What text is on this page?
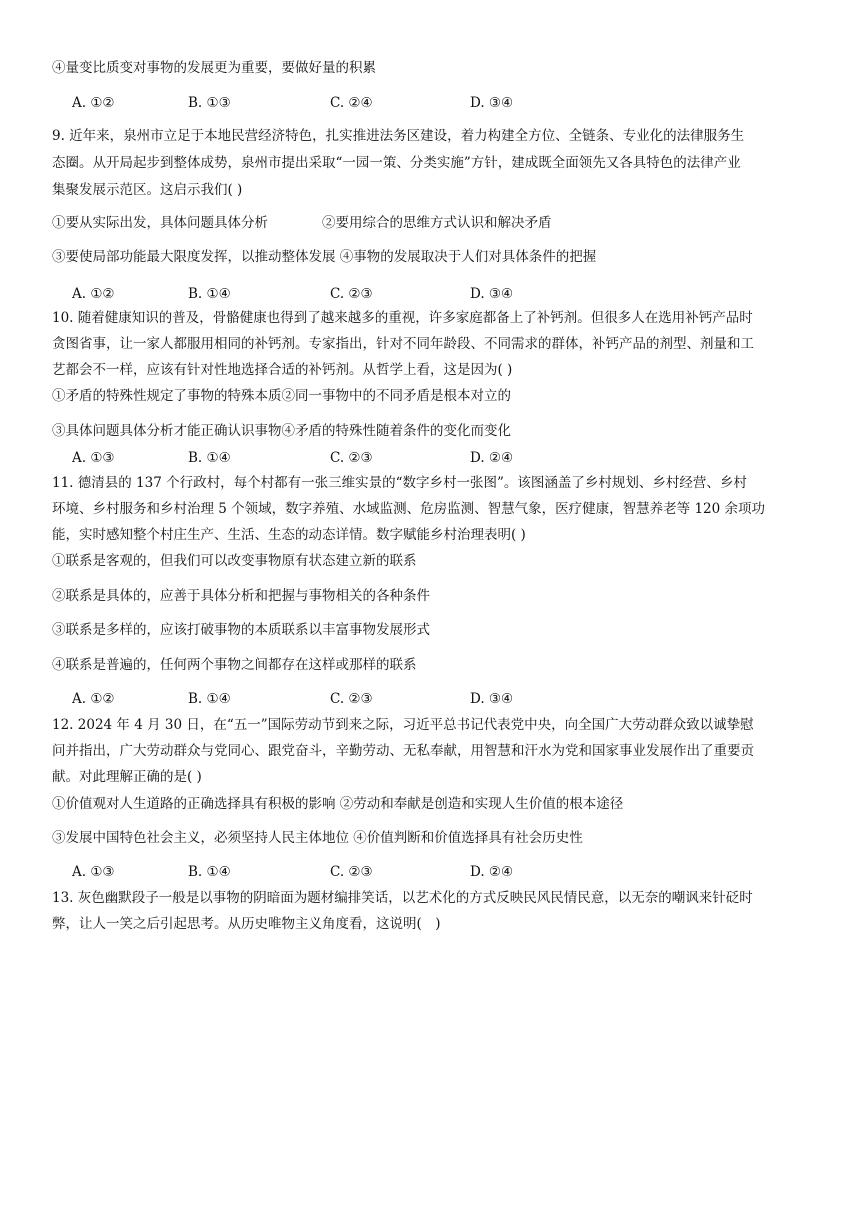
④量变比质变对事物的发展更为重要，要做好量的积累
A. ①②	B. ①③	C. ②④	D. ③④
9. 近年来，泉州市立足于本地民营经济特色，扎实推进法务区建设，着力构建全方位、全链条、专业化的法律服务生
态圈。从开局起步到整体成势，泉州市提出采取“一园一策、分类实施”方针，建成既全面领先又各具特色的法律产业
集聚发展示范区。这启示我们( )
①要从实际出发，具体问题具体分析　　　　②要用综合的思维方式认识和解决矛盾
③要使局部功能最大限度发挥，以推动整体发展 ④事物的发展取决于人们对具体条件的把握
A. ①②	B. ①④	C. ②③	D. ③④
10. 随着健康知识的普及，骨骼健康也得到了越来越多的重视，许多家庭都备上了补钙剂。但很多人在选用补钙产品时
贪图省事，让一家人都服用相同的补钙剂。专家指出，针对不同年龄段、不同需求的群体，补钙产品的剂型、剂量和工
艺都会不一样，应该有针对性地选择合适的补钙剂。从哲学上看，这是因为( )
①矛盾的特殊性规定了事物的特殊本质②同一事物中的不同矛盾是根本对立的
③具体问题具体分析才能正确认识事物④矛盾的特殊性随着条件的变化而变化
A. ①③	B. ①④	C. ②③	D. ②④
11. 德清县的 137 个行政村，每个村都有一张三维实景的“数字乡村一张图”。该图涵盖了乡村规划、乡村经营、乡村
环境、乡村服务和乡村治理 5 个领域，数字养殖、水域监测、危房监测、智慧气象，医疗健康，智慧养老等 120 余项功
能，实时感知整个村庄生产、生活、生态的动态详情。数字赋能乡村治理表明( )
①联系是客观的，但我们可以改变事物原有状态建立新的联系
②联系是具体的，应善于具体分析和把握与事物相关的各种条件
③联系是多样的，应该打破事物的本质联系以丰富事物发展形式
④联系是普遍的，任何两个事物之间都存在这样或那样的联系
A. ①②	B. ①④	C. ②③	D. ③④
12. 2024 年 4 月 30 日，在“五一”国际劳动节到来之际，习近平总书记代表党中央，向全国广大劳动群众致以诚挚慰
问并指出，广大劳动群众与党同心、跟党奋斗，辛勤劳动、无私奉献，用智慧和汗水为党和国家事业发展作出了重要贡
献。对此理解正确的是( )
①价值观对人生道路的正确选择具有积极的影响 ②劳动和奉献是创造和实现人生价值的根本途径
③发展中国特色社会主义，必须坚持人民主体地位 ④价值判断和价值选择具有社会历史性
A. ①③	B. ①④	C. ②③	D. ②④
13. 灰色幽默段子一般是以事物的阴暗面为题材编排笑话，以艺术化的方式反映民风民情民意，以无奈的嘲讽来针砭时
弊，让人一笑之后引起思考。从历史唯物主义角度看，这说明(　)
